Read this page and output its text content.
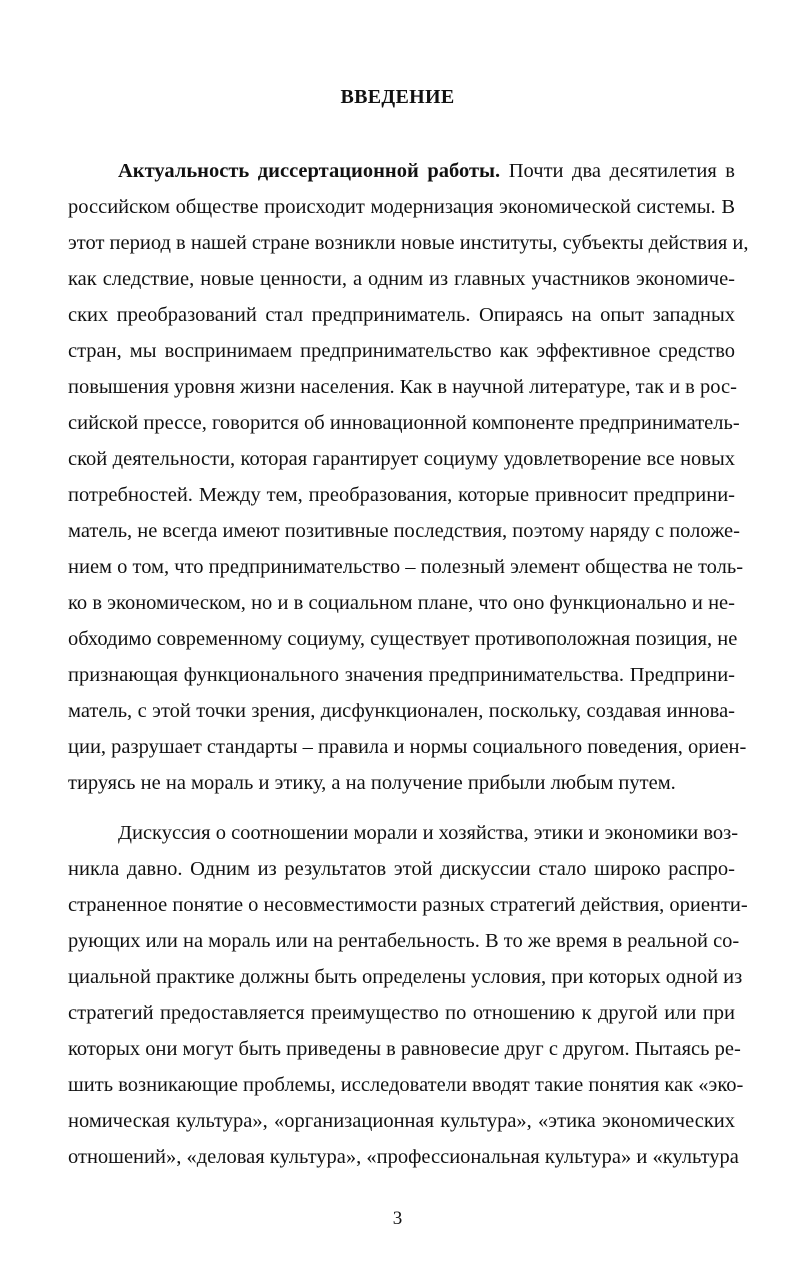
ВВЕДЕНИЕ
Актуальность диссертационной работы. Почти два десятилетия в
российском обществе происходит модернизация экономической системы. В
этот период в нашей стране возникли новые институты, субъекты действия и,
как следствие, новые ценности, а одним из главных участников экономиче-
ских преобразований стал предприниматель. Опираясь на опыт западных
стран, мы воспринимаем предпринимательство как эффективное средство
повышения уровня жизни населения. Как в научной литературе, так и в рос-
сийской прессе, говорится об инновационной компоненте предприниматель-
ской деятельности, которая гарантирует социуму удовлетворение все новых
потребностей. Между тем, преобразования, которые привносит предприни-
матель, не всегда имеют позитивные последствия, поэтому наряду с положе-
нием о том, что предпринимательство – полезный элемент общества не толь-
ко в экономическом, но и в социальном плане, что оно функционально и не-
обходимо современному социуму, существует противоположная позиция, не
признающая функционального значения предпринимательства. Предприни-
матель, с этой точки зрения, дисфункционален, поскольку, создавая иннова-
ции, разрушает стандарты – правила и нормы социального поведения, ориен-
тируясь не на мораль и этику, а на получение прибыли любым путем.
Дискуссия о соотношении морали и хозяйства, этики и экономики воз-
никла давно. Одним из результатов этой дискуссии стало широко распро-
страненное понятие о несовместимости разных стратегий действия, ориенти-
рующих или на мораль или на рентабельность. В то же время в реальной со-
циальной практике должны быть определены условия, при которых одной из
стратегий предоставляется преимущество по отношению к другой или при
которых они могут быть приведены в равновесие друг с другом. Пытаясь ре-
шить возникающие проблемы, исследователи вводят такие понятия как «эко-
номическая культура», «организационная культура», «этика экономических
отношений», «деловая культура», «профессиональная культура» и «культура
3
